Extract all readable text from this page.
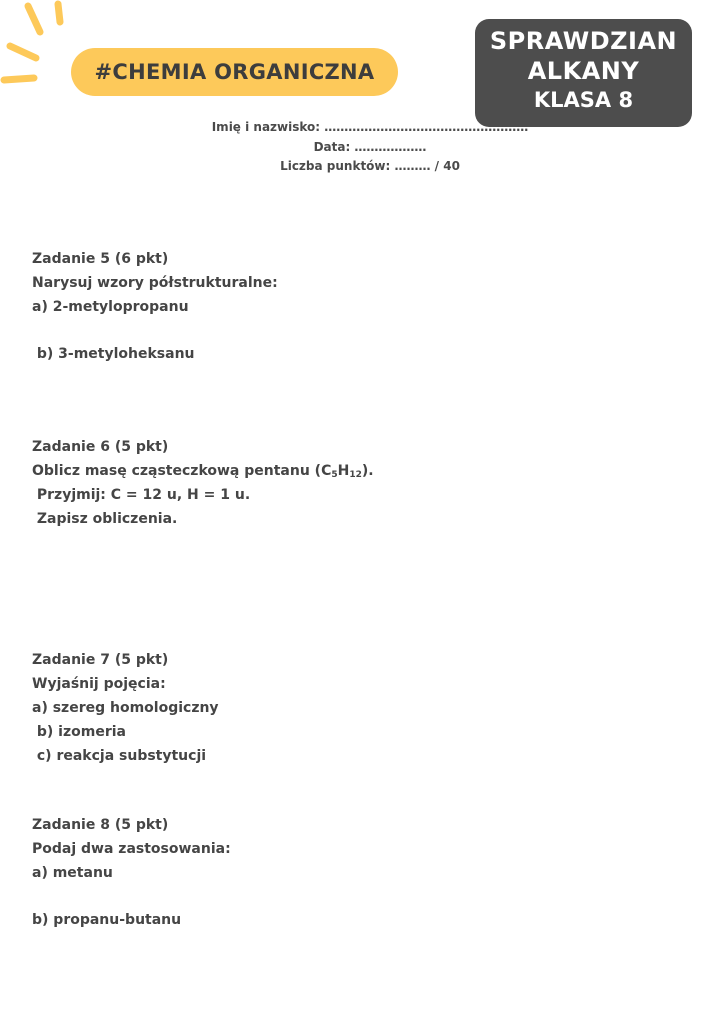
#CHEMIA ORGANICZNA
SPRAWDZIAN
ALKANY
KLASA 8
Imię i nazwisko: ……………………………………………
Data: ………………
Liczba punktów: ……… / 40
Zadanie 5 (6 pkt)
Narysuj wzory półstrukturalne:
a) 2-metylopropanu
b) 3-metyloheksanu
Zadanie 6 (5 pkt)
Oblicz masę cząsteczkową pentanu $(C_5H_{12})$.
Przyjmij: C = 12 u, H = 1 u.
Zapisz obliczenia.
Zadanie 7 (5 pkt)
Wyjaśnij pojęcia:
a) szereg homologiczny
b) izomeria
c) reakcja substytucji
Zadanie 8 (5 pkt)
Podaj dwa zastosowania:
a) metanu
b) propanu-butanu
